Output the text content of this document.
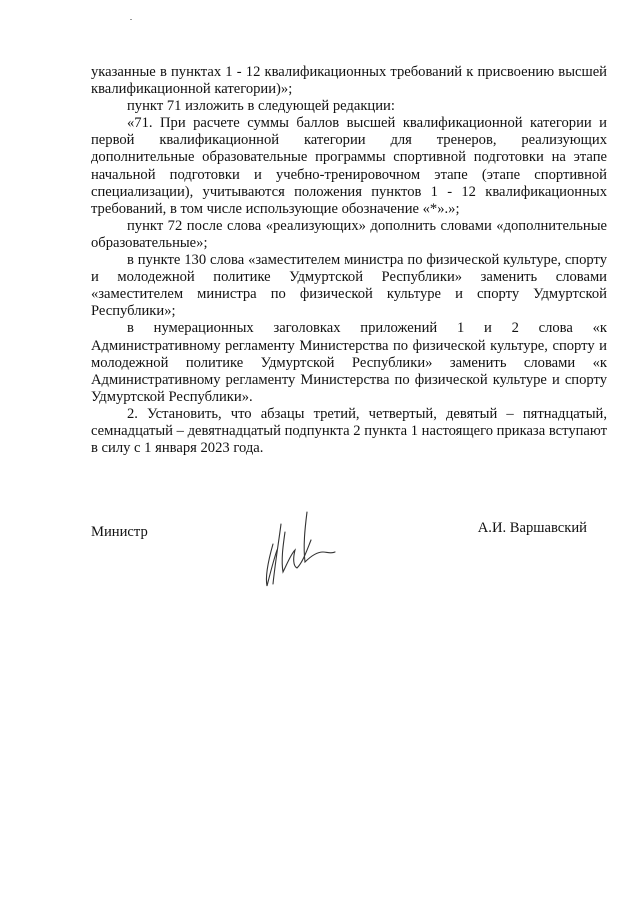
указанные в пунктах 1 - 12 квалификационных требований к присвоению высшей квалификационной категории)»;

пункт 71 изложить в следующей редакции:

«71. При расчете суммы баллов высшей квалификационной категории и первой квалификационной категории для тренеров, реализующих дополнительные образовательные программы спортивной подготовки на этапе начальной подготовки и учебно-тренировочном этапе (этапе спортивной специализации), учитываются положения пунктов 1 - 12 квалификационных требований, в том числе использующие обозначение «*».»;

пункт 72 после слова «реализующих» дополнить словами «дополнительные образовательные»;

в пункте 130 слова «заместителем министра по физической культуре, спорту и молодежной политике Удмуртской Республики» заменить словами «заместителем министра по физической культуре и спорту Удмуртской Республики»;

в нумерационных заголовках приложений 1 и 2 слова «к Административному регламенту Министерства по физической культуре, спорту и молодежной политике Удмуртской Республики» заменить словами «к Административному регламенту Министерства по физической культуре и спорту Удмуртской Республики».

2. Установить, что абзацы третий, четвертый, девятый – пятнадцатый, семнадцатый – девятнадцатый подпункта 2 пункта 1 настоящего приказа вступают в силу с 1 января 2023 года.

Министр	А.И. Варшавский
